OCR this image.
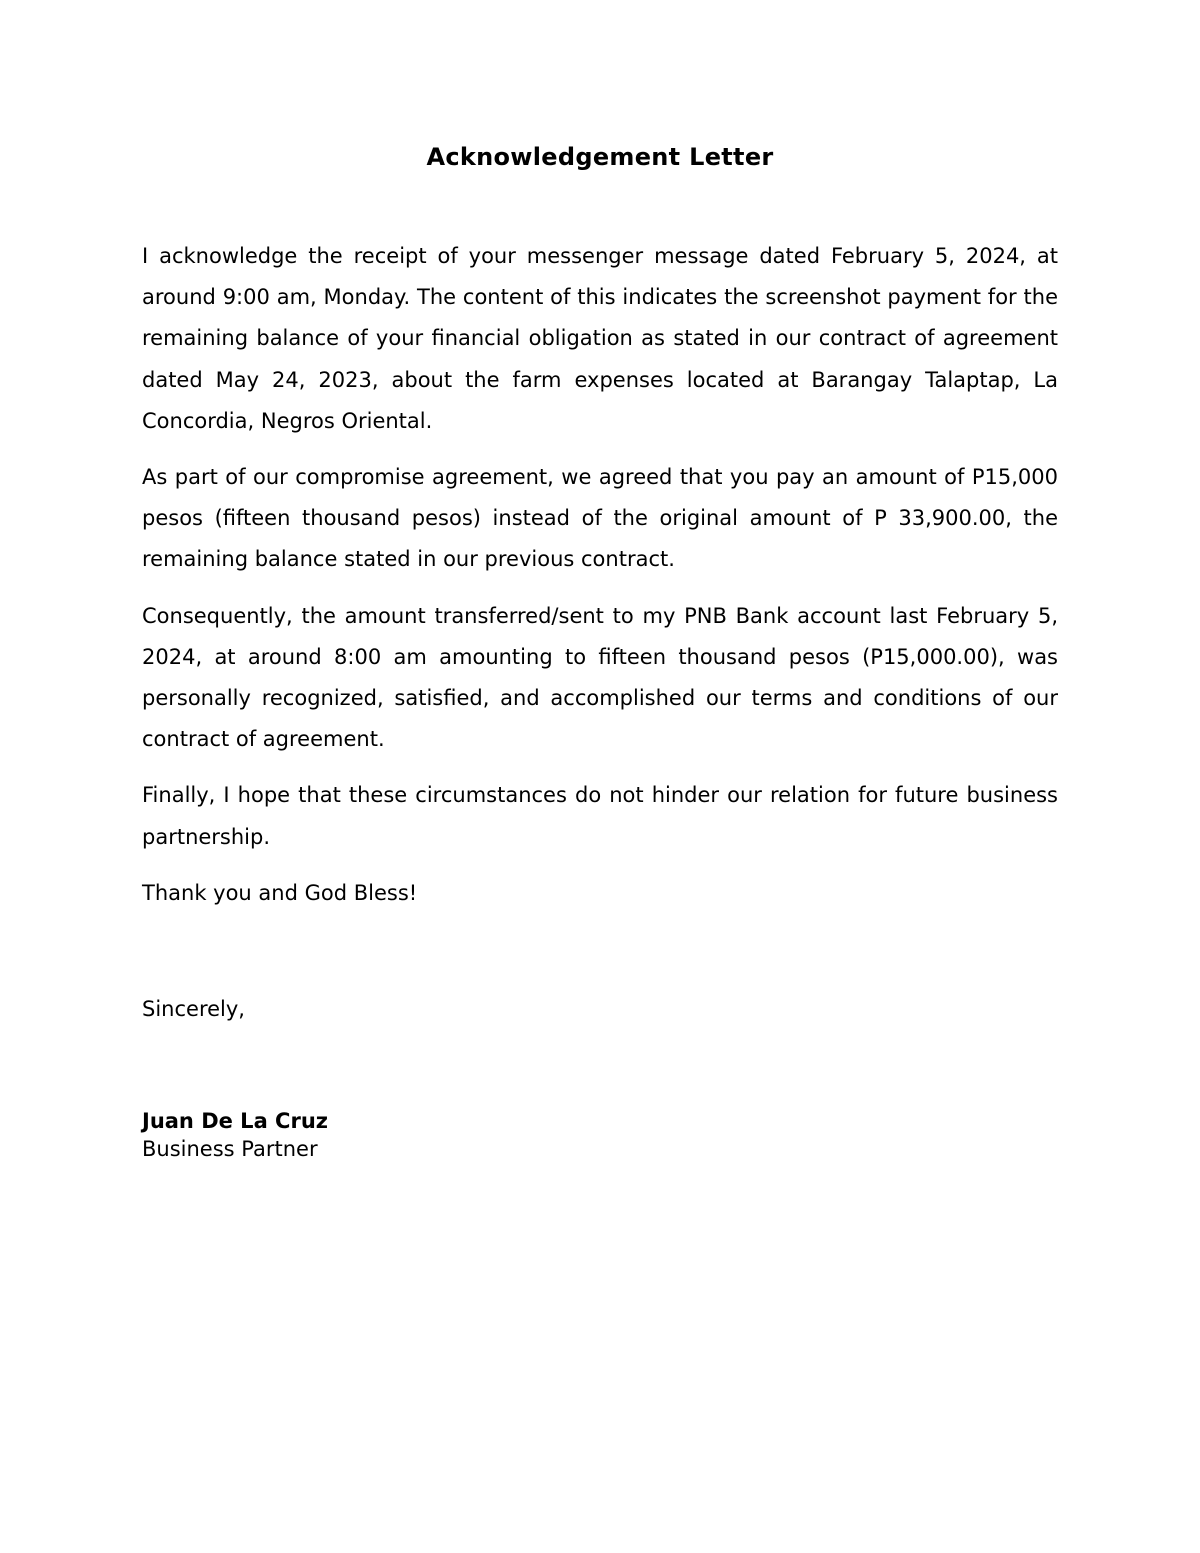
Acknowledgement Letter

I acknowledge the receipt of your messenger message dated February 5, 2024, at around 9:00 am, Monday. The content of this indicates the screenshot payment for the remaining balance of your financial obligation as stated in our contract of agreement dated May 24, 2023, about the farm expenses located at Barangay Talaptap, La Concordia, Negros Oriental.

As part of our compromise agreement, we agreed that you pay an amount of P15,000 pesos (fifteen thousand pesos) instead of the original amount of P 33,900.00, the remaining balance stated in our previous contract.

Consequently, the amount transferred/sent to my PNB Bank account last February 5, 2024, at around 8:00 am amounting to fifteen thousand pesos (P15,000.00), was personally recognized, satisfied, and accomplished our terms and conditions of our contract of agreement.

Finally, I hope that these circumstances do not hinder our relation for future business partnership.

Thank you and God Bless!

Sincerely,
Juan De La Cruz
Business Partner
